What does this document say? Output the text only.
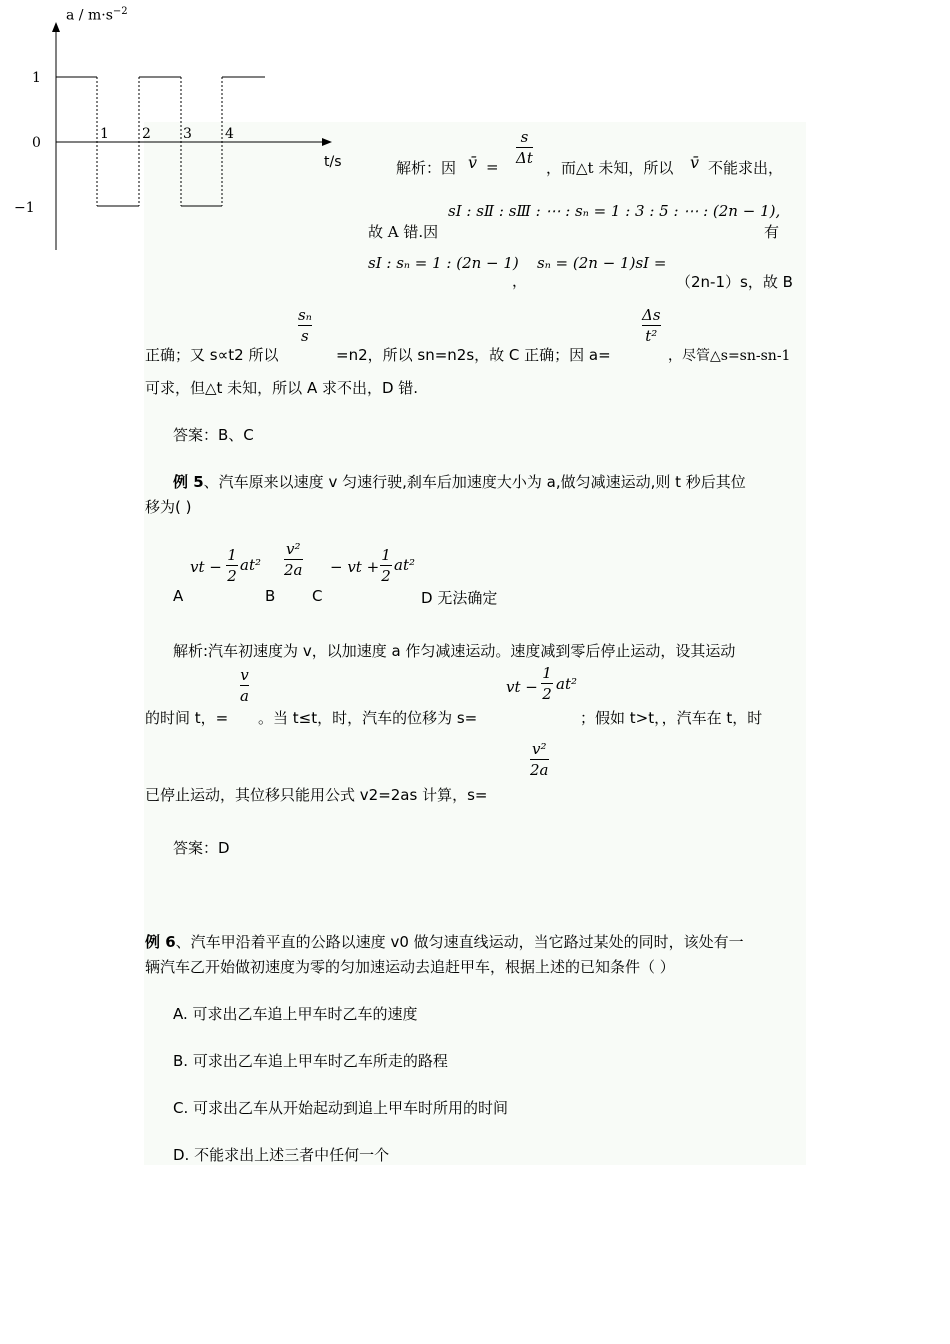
$a / m\cdot s^{-2}$
t/s
1
0
−1
1 2 3 4
解析：因 v̄ =
s
Δt
，而△t 未知，所以 v̄ 不能求出，
故 A 错.因
sⅠ : sⅡ : sⅢ : ⋯ : sₙ = 1 : 3 : 5 : ⋯ : (2n − 1),
有
sⅠ : sₙ = 1 : (2n − 1)
，
sₙ = (2n − 1)sⅠ =
（2n-1）s，故 B
正确；又 s∝t2 所以
sₙ
s
=n2，所以 sn=n2s，故 C 正确；因 a=
Δs
t²
，尽管△s=sn-sn-1
可求，但△t 未知，所以 A 求不出，D 错.
答案：B、C
例 5、汽车原来以速度 v 匀速行驶,刹车后加速度大小为 a,做匀减速运动,则 t 秒后其位
移为( )
A
vt −
1
2
at²
B
v²
2a
C
− vt +
1
2
at²
D 无法确定
解析:汽车初速度为 v，以加速度 a 作匀减速运动。速度减到零后停止运动，设其运动
的时间 t，=
v
a
。当 t≤t，时，汽车的位移为 s=
vt −
1
2
at²
；假如 t>t，，汽车在 t，时
已停止运动，其位移只能用公式 v2=2as 计算，s=
v²
2a
答案：D
例 6、汽车甲沿着平直的公路以速度 v0 做匀速直线运动，当它路过某处的同时，该处有一
辆汽车乙开始做初速度为零的匀加速运动去追赶甲车，根据上述的已知条件（ ）
A. 可求出乙车追上甲车时乙车的速度
B. 可求出乙车追上甲车时乙车所走的路程
C. 可求出乙车从开始起动到追上甲车时所用的时间
D. 不能求出上述三者中任何一个
